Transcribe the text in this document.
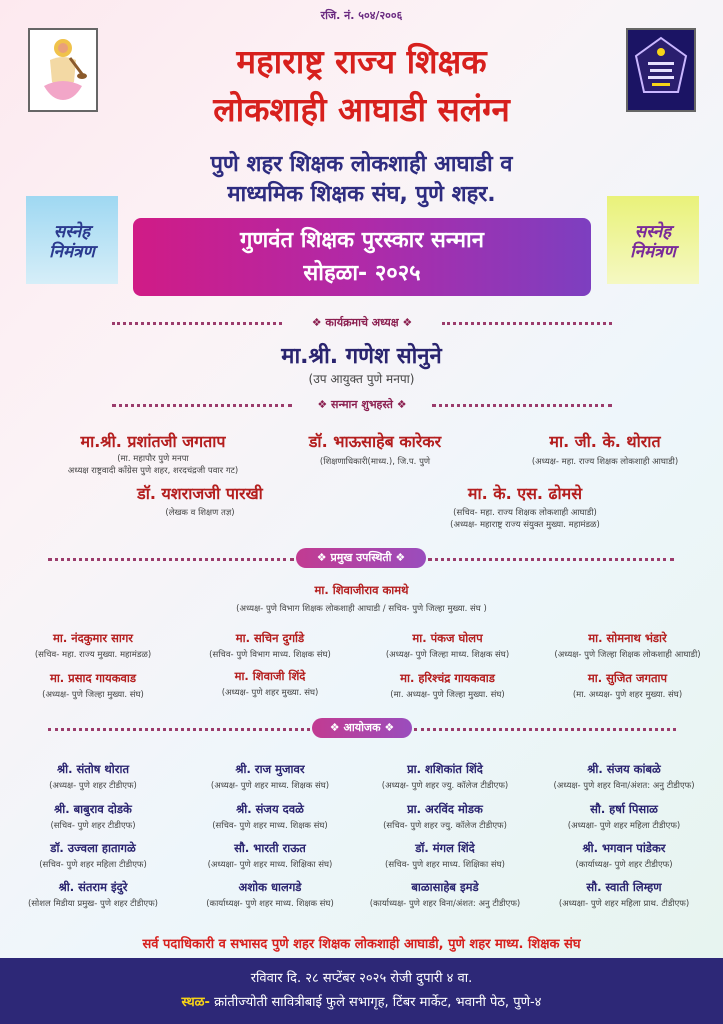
रजि. नं. ५०४/२००६
महाराष्ट्र राज्य शिक्षक
लोकशाही आघाडी सलंग्न
पुणे शहर शिक्षक लोकशाही आघाडी व
माध्यमिक शिक्षक संघ, पुणे शहर.
सस्नेह
निमंत्रण
सस्नेह
निमंत्रण
गुणवंत शिक्षक पुरस्कार सन्मान
सोहळा- २०२५
❖ कार्यक्रमाचे अध्यक्ष ❖
मा.श्री. गणेश सोनुने
(उप आयुक्त पुणे मनपा)
❖ सन्मान शुभहस्ते ❖
मा.श्री. प्रशांतजी जगताप
(मा. महापौर पुणे मनपा
अध्यक्ष राष्ट्रवादी काँग्रेस पुणे शहर, शरदचंद्रजी पवार गट)
डॉ. भाऊसाहेब कारेकर
(शिक्षणाधिकारी(माध्य.), जि.प. पुणे
मा. जी. के. थोरात
(अध्यक्ष- महा. राज्य शिक्षक लोकशाही आघाडी)
डॉ. यशराजजी पारखी
(लेखक व शिक्षण तज्ञ)
मा. के. एस. ढोमसे
(सचिव- महा. राज्य शिक्षक लोकशाही आघाडी)
(अध्यक्ष- महाराष्ट्र राज्य संयुक्त मुख्या. महामंडळ)
❖ प्रमुख उपस्थिती ❖
मा. शिवाजीराव कामथे
(अध्यक्ष- पुणे विभाग शिक्षक लोकशाही आघाडी / सचिव- पुणे जिल्हा मुख्या. संघ )
मा. नंदकुमार सागर
(सचिव- महा. राज्य मुख्या. महामंडळ)
मा. सचिन दुर्गाडे
(सचिव- पुणे विभाग माध्य. शिक्षक संघ)
मा. पंकज घोलप
(अध्यक्ष- पुणे जिल्हा माध्य. शिक्षक संघ)
मा. सोमनाथ भंडारे
(अध्यक्ष- पुणे जिल्हा शिक्षक लोकशाही आघाडी)
मा. प्रसाद गायकवाड
(अध्यक्ष- पुणे जिल्हा मुख्या. संघ)
मा. शिवाजी शिंदे
(अध्यक्ष- पुणे शहर मुख्या. संघ)
मा. हरिश्चंद्र गायकवाड
(मा. अध्यक्ष- पुणे जिल्हा मुख्या. संघ)
मा. सुजित जगताप
(मा. अध्यक्ष- पुणे शहर मुख्या. संघ)
❖ आयोजक ❖
श्री. संतोष थोरात
(अध्यक्ष- पुणे शहर टीडीएफ)
श्री. राज मुजावर
(अध्यक्ष- पुणे शहर माध्य. शिक्षक संघ)
प्रा. शशिकांत शिंदे
(अध्यक्ष- पुणे शहर ज्यु. कॉलेज टीडीएफ)
श्री. संजय कांबळे
(अध्यक्ष- पुणे शहर विना/अंशत: अनु टीडीएफ)
श्री. बाबुराव दोडके
(सचिव- पुणे शहर टीडीएफ)
श्री. संजय दवळे
(सचिव- पुणे शहर माध्य. शिक्षक संघ)
प्रा. अरविंद मोडक
(सचिव- पुणे शहर ज्यु. कॉलेज टीडीएफ)
सौ. हर्षा पिसाळ
(अध्यक्षा- पुणे शहर महिला टीडीएफ)
डॉ. उज्वला हातागळे
(सचिव- पुणे शहर महिला टीडीएफ)
सौ. भारती राऊत
(अध्यक्षा- पुणे शहर माध्य. शिक्षिका संघ)
डॉ. मंगल शिंदे
(सचिव- पुणे शहर माध्य. शिक्षिका संघ)
श्री. भगवान पांडेकर
(कार्याध्यक्ष- पुणे शहर टीडीएफ)
श्री. संतराम इंदुरे
(सोशल मिडीया प्रमुख- पुणे शहर टीडीएफ)
अशोक धालगडे
(कार्याध्यक्ष- पुणे शहर माध्य. शिक्षक संघ)
बाळासाहेब इमडे
(कार्याध्यक्ष- पुणे शहर विना/अंशत: अनु टीडीएफ)
सौ. स्वाती लिम्हण
(अध्यक्षा- पुणे शहर महिला प्राथ. टीडीएफ)
सर्व पदाधिकारी व सभासद पुणे शहर शिक्षक लोकशाही आघाडी, पुणे शहर माध्य. शिक्षक संघ
रविवार दि. २८ सप्टेंबर २०२५ रोजी दुपारी ४ वा.
स्थळ- क्रांतीज्योती सावित्रीबाई फुले सभागृह, टिंबर मार्केट, भवानी पेठ, पुणे-४
